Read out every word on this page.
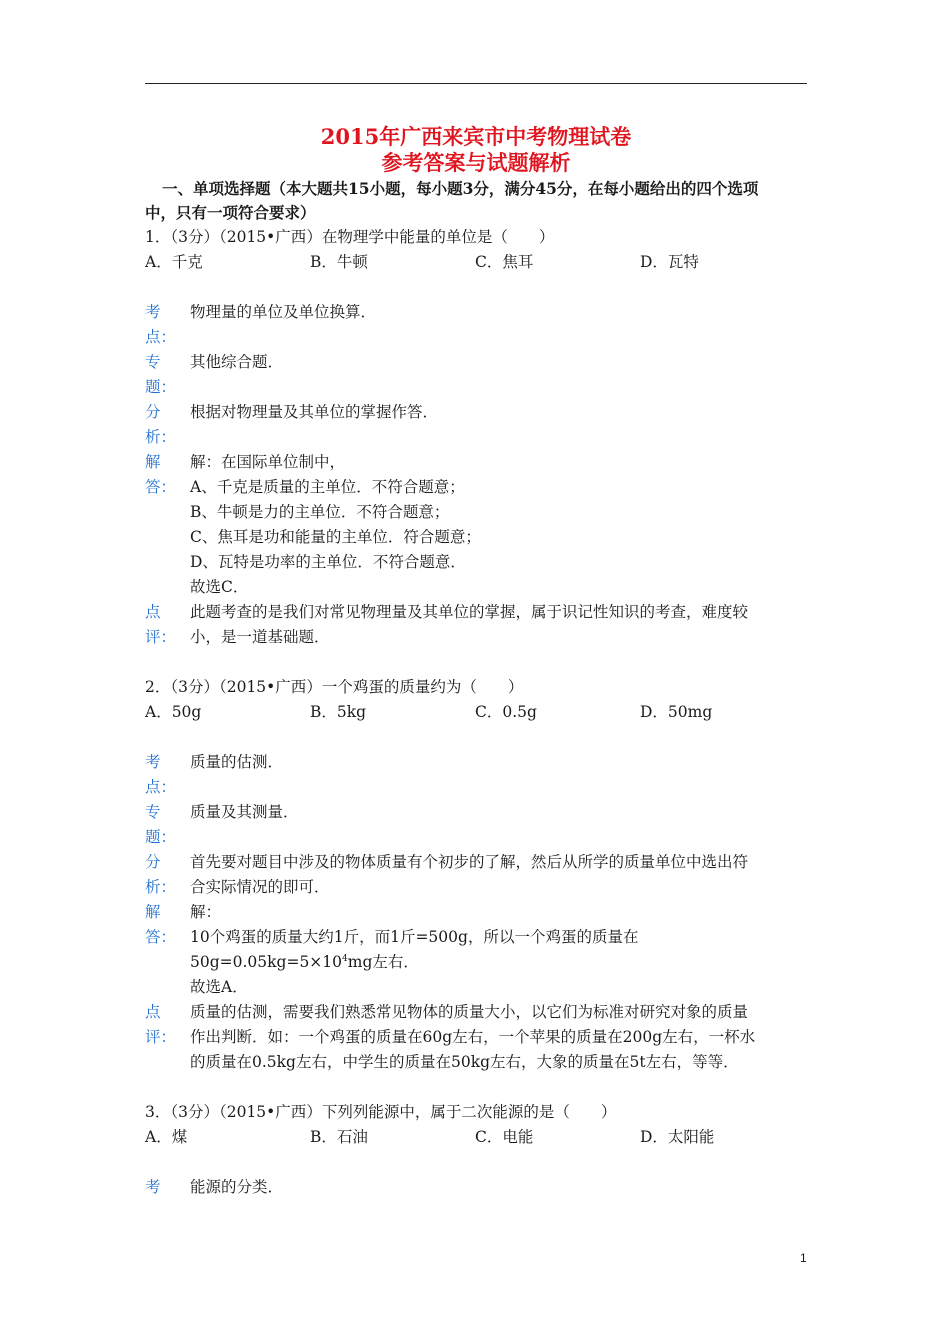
2015年广西来宾市中考物理试卷
参考答案与试题解析
一、单项选择题（本大题共15小题，每小题3分，满分45分，在每小题给出的四个选项
中，只有一项符合要求）
1．（3分）（2015•广西）在物理学中能量的单位是（　　）
A．千克	B．牛顿	C．焦耳	D．瓦特
考
点：
物理量的单位及单位换算．
专
题：
其他综合题．
分
析：
根据对物理量及其单位的掌握作答．
解
答：
解：在国际单位制中，
A、千克是质量的主单位．不符合题意；
B、牛顿是力的主单位．不符合题意；
C、焦耳是功和能量的主单位．符合题意；
D、瓦特是功率的主单位．不符合题意．
故选C．
点
评：
此题考查的是我们对常见物理量及其单位的掌握，属于识记性知识的考查，难度较
小，是一道基础题．
2．（3分）（2015•广西）一个鸡蛋的质量约为（　　）
A．50g	B．5kg	C．0.5g	D．50mg
考
点：
质量的估测．
专
题：
质量及其测量．
分
析：
首先要对题目中涉及的物体质量有个初步的了解，然后从所学的质量单位中选出符
合实际情况的即可．
解
答：
解：
10个鸡蛋的质量大约1斤，而1斤=500g，所以一个鸡蛋的质量在
$50g=0.05kg=5\times 10^4mg$左右．
故选A．
点
评：
质量的估测，需要我们熟悉常见物体的质量大小，以它们为标准对研究对象的质量
作出判断．如：一个鸡蛋的质量在60g左右，一个苹果的质量在200g左右，一杯水
的质量在0.5kg左右，中学生的质量在50kg左右，大象的质量在5t左右，等等．
3．（3分）（2015•广西）下列列能源中，属于二次能源的是（　　）
A．煤	B．石油	C．电能	D．太阳能
考 能源的分类．
1
